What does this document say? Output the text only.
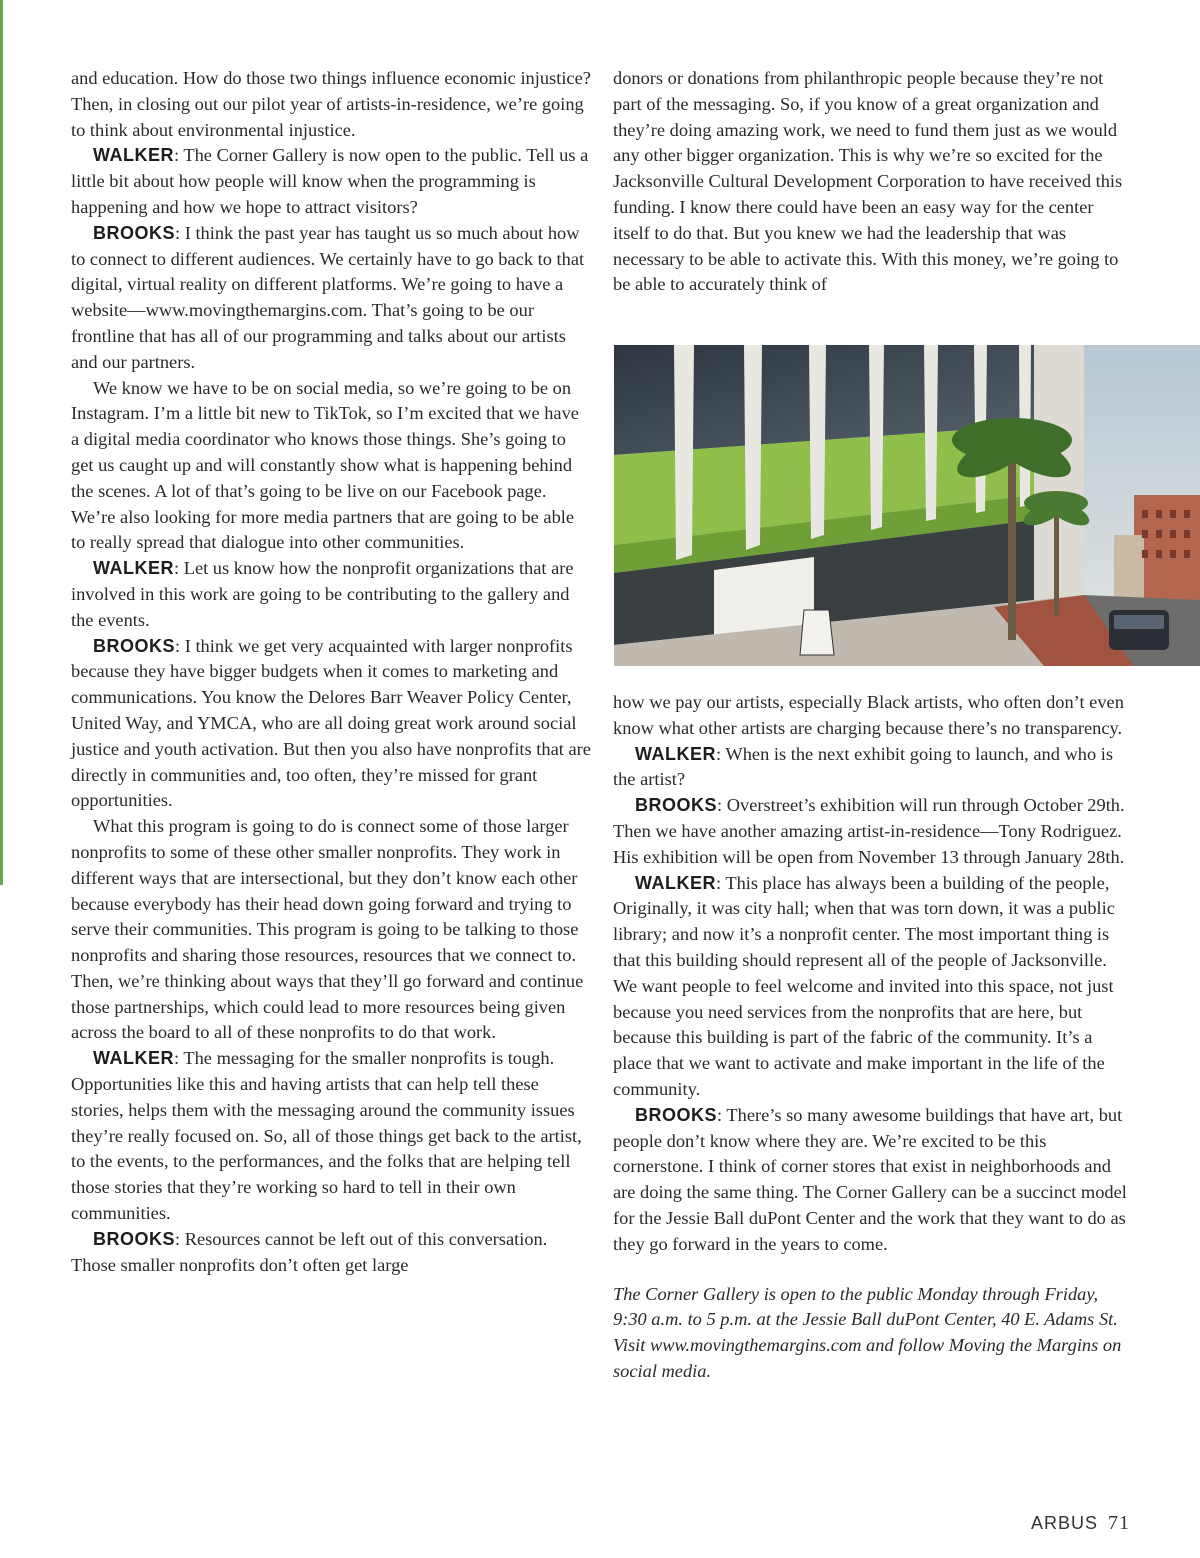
and education. How do those two things influence economic injustice? Then, in closing out our pilot year of artists-in-residence, we’re going to think about environmental injustice.

WALKER: The Corner Gallery is now open to the public. Tell us a little bit about how people will know when the programming is happening and how we hope to attract visitors?

BROOKS: I think the past year has taught us so much about how to connect to different audiences. We certainly have to go back to that digital, virtual reality on different platforms. We’re going to have a website—www.movingthemargins.com. That’s going to be our frontline that has all of our programming and talks about our artists and our partners.

We know we have to be on social media, so we’re going to be on Instagram. I’m a little bit new to TikTok, so I’m excited that we have a digital media coordinator who knows those things. She’s going to get us caught up and will constantly show what is happening behind the scenes. A lot of that’s going to be live on our Facebook page. We’re also looking for more media partners that are going to be able to really spread that dialogue into other communities.

WALKER: Let us know how the nonprofit organizations that are involved in this work are going to be contributing to the gallery and the events.

BROOKS: I think we get very acquainted with larger nonprofits because they have bigger budgets when it comes to marketing and communications. You know the Delores Barr Weaver Policy Center, United Way, and YMCA, who are all doing great work around social justice and youth activation. But then you also have nonprofits that are directly in communities and, too often, they’re missed for grant opportunities.

What this program is going to do is connect some of those larger nonprofits to some of these other smaller nonprofits. They work in different ways that are intersectional, but they don’t know each other because everybody has their head down going forward and trying to serve their communities. This program is going to be talking to those nonprofits and sharing those resources, resources that we connect to. Then, we’re thinking about ways that they’ll go forward and continue those partnerships, which could lead to more resources being given across the board to all of these nonprofits to do that work.

WALKER: The messaging for the smaller nonprofits is tough. Opportunities like this and having artists that can help tell these stories, helps them with the messaging around the community issues they’re really focused on. So, all of those things get back to the artist, to the events, to the performances, and the folks that are helping tell those stories that they’re working so hard to tell in their own communities.

BROOKS: Resources cannot be left out of this conversation. Those smaller nonprofits don’t often get large

donors or donations from philanthropic people because they’re not part of the messaging. So, if you know of a great organization and they’re doing amazing work, we need to fund them just as we would any other bigger organization. This is why we’re so excited for the Jacksonville Cultural Development Corporation to have received this funding. I know there could have been an easy way for the center itself to do that. But you knew we had the leadership that was necessary to be able to activate this. With this money, we’re going to be able to accurately think of

how we pay our artists, especially Black artists, who often don’t even know what other artists are charging because there’s no transparency.

WALKER: When is the next exhibit going to launch, and who is the artist?

BROOKS: Overstreet’s exhibition will run through October 29th. Then we have another amazing artist-in-residence—Tony Rodriguez. His exhibition will be open from November 13 through January 28th.

WALKER: This place has always been a building of the people, Originally, it was city hall; when that was torn down, it was a public library; and now it’s a nonprofit center. The most important thing is that this building should represent all of the people of Jacksonville. We want people to feel welcome and invited into this space, not just because you need services from the nonprofits that are here, but because this building is part of the fabric of the community. It’s a place that we want to activate and make important in the life of the community.

BROOKS: There’s so many awesome buildings that have art, but people don’t know where they are. We’re excited to be this cornerstone. I think of corner stores that exist in neighborhoods and are doing the same thing. The Corner Gallery can be a succinct model for the Jessie Ball duPont Center and the work that they want to do as they go forward in the years to come.

The Corner Gallery is open to the public Monday through Friday, 9:30 a.m. to 5 p.m. at the Jessie Ball duPont Center, 40 E. Adams St. Visit www.movingthemargins.com and follow Moving the Margins on social media.

ARBUS 71
